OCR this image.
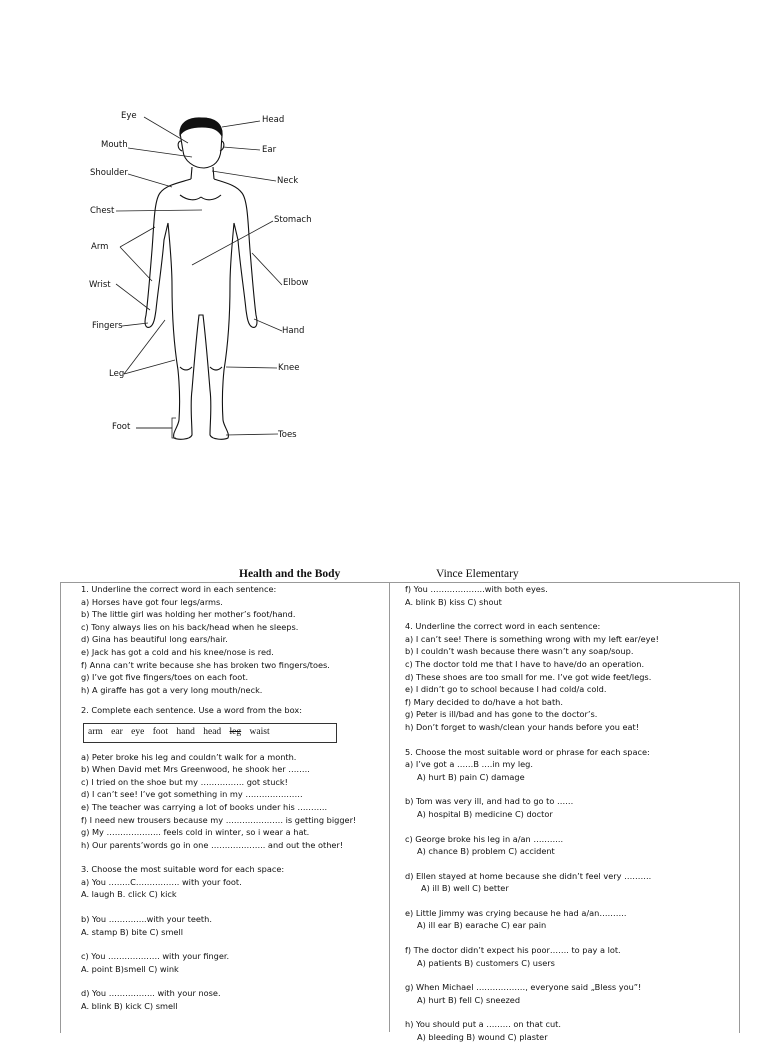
Eye
Mouth
Shoulder
Chest
Arm
Wrist
Fingers
Leg
Foot
Head
Ear
Neck
Stomach
Elbow
Hand
Knee
Toes
Health and the Body	Vince Elementary
1. Underline the correct word in each sentence:
a) Horses have got four legs/arms.
b) The little girl was holding her mother’s foot/hand.
c) Tony always lies on his back/head when he sleeps.
d) Gina has beautiful long ears/hair.
e) Jack has got a cold and his knee/nose is red.
f) Anna can’t write because she has broken two fingers/toes.
g) I’ve got five fingers/toes on each foot.
h) A giraffe has got a very long mouth/neck.
2. Complete each sentence. Use a word from the box:
arm ear eye foot hand head leg waist
a) Peter broke his leg and couldn’t walk for a month.
b) When David met Mrs Greenwood, he shook her ……..
c) I tried on the shoe but my ……………. got stuck!
d) I can’t see! I’ve got something in my …………………
e) The teacher was carrying a lot of books under his ………..
f) I need new trousers because my ………………… is getting bigger!
g) My ……………….. feels cold in winter, so i wear a hat.
h) Our parents’words go in one ……………….. and out the other!
3. Choose the most suitable word for each space:
a) You ……..C……………. with your foot.
A. laugh B. click C) kick
b) You …………..with your teeth.
A. stamp B) bite C) smell
c) You ………………. with your finger.
A. point B)smell C) wink
d) You …………….. with your nose.
A. blink B) kick C) smell
f) You ………………..with both eyes.
A. blink B) kiss C) shout
4. Underline the correct word in each sentence:
a) I can’t see! There is something wrong with my left ear/eye!
b) I couldn’t wash because there wasn’t any soap/soup.
c) The doctor told me that I have to have/do an operation.
d) These shoes are too small for me. I’ve got wide feet/legs.
e) I didn’t go to school because I had cold/a cold.
f) Mary decided to do/have a hot bath.
g) Peter is ill/bad and has gone to the doctor’s.
h) Don’t forget to wash/clean your hands before you eat!
5. Choose the most suitable word or phrase for each space:
a) I’ve got a ……B ….in my leg.
A) hurt B) pain C) damage
b) Tom was very ill, and had to go to ……
A) hospital B) medicine C) doctor
c) George broke his leg in a/an ………..
A) chance B) problem C) accident
d) Ellen stayed at home because she didn’t feel very ……….
A) ill B) well C) better
e) Little Jimmy was crying because he had a/an……….
A) ill ear B) earache C) ear pain
f) The doctor didn’t expect his poor……. to pay a lot.
A) patients B) customers C) users
g) When Michael ………………, everyone said „Bless you”!
A) hurt B) fell C) sneezed
h) You should put a ……… on that cut.
A) bleeding B) wound C) plaster
